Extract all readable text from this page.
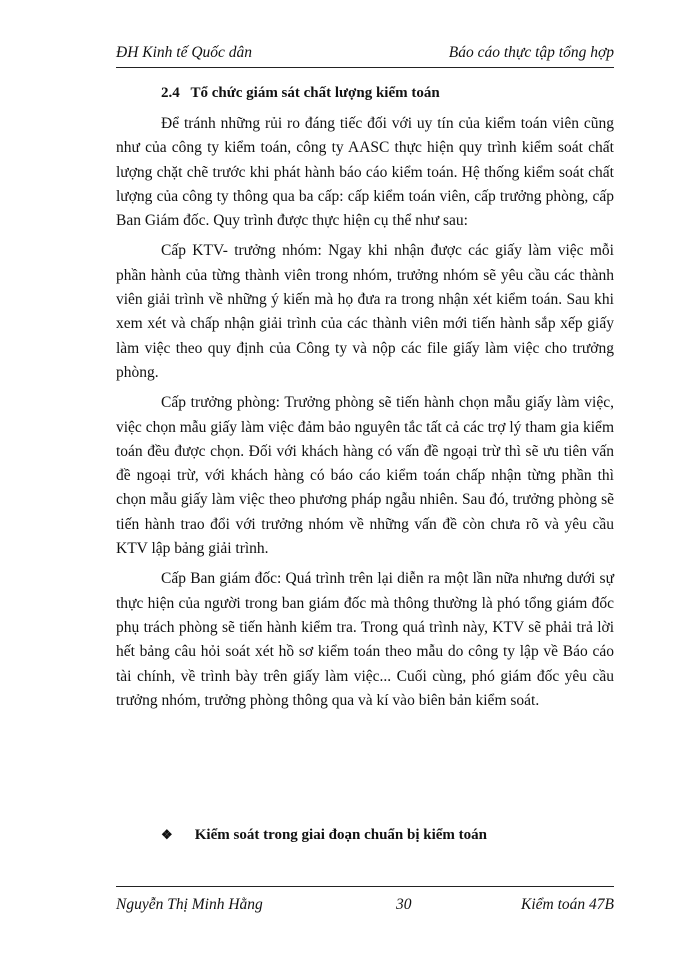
ĐH Kinh tế Quốc dân	Báo cáo thực tập tổng hợp
2.4 Tổ chức giám sát chất lượng kiểm toán

Để tránh những rủi ro đáng tiếc đối với uy tín của kiểm toán viên cũng như của công ty kiểm toán, công ty AASC thực hiện quy trình kiểm soát chất lượng chặt chẽ trước khi phát hành báo cáo kiểm toán. Hệ thống kiểm soát chất lượng của công ty thông qua ba cấp: cấp kiểm toán viên, cấp trưởng phòng, cấp Ban Giám đốc. Quy trình được thực hiện cụ thể như sau:

Cấp KTV- trưởng nhóm: Ngay khi nhận được các giấy làm việc mỗi phần hành của từng thành viên trong nhóm, trưởng nhóm sẽ yêu cầu các thành viên giải trình về những ý kiến mà họ đưa ra trong nhận xét kiểm toán. Sau khi xem xét và chấp nhận giải trình của các thành viên mới tiến hành sắp xếp giấy làm việc theo quy định của Công ty và nộp các file giấy làm việc cho trưởng phòng.

Cấp trưởng phòng: Trưởng phòng sẽ tiến hành chọn mẫu giấy làm việc, việc chọn mẫu giấy làm việc đảm bảo nguyên tắc tất cả các trợ lý tham gia kiểm toán đều được chọn. Đối với khách hàng có vấn đề ngoại trừ thì sẽ ưu tiên vấn đề ngoại trừ, với khách hàng có báo cáo kiểm toán chấp nhận từng phần thì chọn mẫu giấy làm việc theo phương pháp ngẫu nhiên. Sau đó, trưởng phòng sẽ tiến hành trao đổi với trưởng nhóm về những vấn đề còn chưa rõ và yêu cầu KTV lập bảng giải trình.

Cấp Ban giám đốc: Quá trình trên lại diễn ra một lần nữa nhưng dưới sự thực hiện của người trong ban giám đốc mà thông thường là phó tổng giám đốc phụ trách phòng sẽ tiến hành kiểm tra. Trong quá trình này, KTV sẽ phải trả lời hết bảng câu hỏi soát xét hồ sơ kiểm toán theo mẫu do công ty lập về Báo cáo tài chính, về trình bày trên giấy làm việc... Cuối cùng, phó giám đốc yêu cầu trưởng nhóm, trưởng phòng thông qua và kí vào biên bản kiểm soát.

❖ Kiểm soát trong giai đoạn chuẩn bị kiểm toán
Nguyễn Thị Minh Hằng	30	Kiểm toán 47B
